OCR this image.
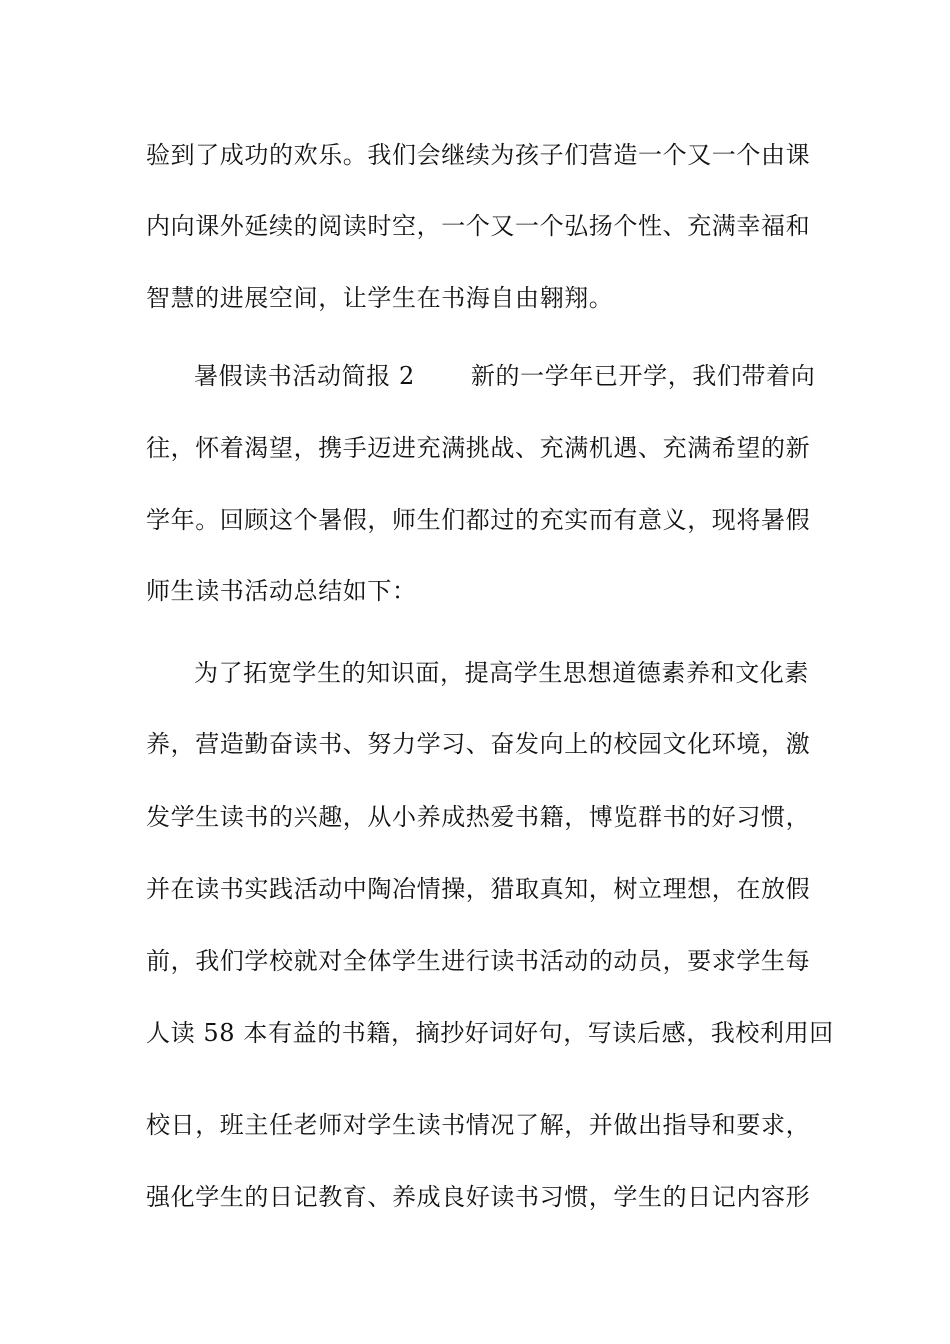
验到了成功的欢乐。我们会继续为孩子们营造一个又一个由课
内向课外延续的阅读时空，一个又一个弘扬个性、充满幸福和
智慧的进展空间，让学生在书海自由翱翔。
暑假读书活动简报 2 新的一学年已开学，我们带着向
往，怀着渴望，携手迈进充满挑战、充满机遇、充满希望的新
学年。回顾这个暑假，师生们都过的充实而有意义，现将暑假
师生读书活动总结如下：
为了拓宽学生的知识面，提高学生思想道德素养和文化素
养，营造勤奋读书、努力学习、奋发向上的校园文化环境，激
发学生读书的兴趣，从小养成热爱书籍，博览群书的好习惯，
并在读书实践活动中陶冶情操，猎取真知，树立理想，在放假
前，我们学校就对全体学生进行读书活动的动员，要求学生每
人读 58 本有益的书籍，摘抄好词好句，写读后感，我校利用回
校日，班主任老师对学生读书情况了解，并做出指导和要求，
强化学生的日记教育、养成良好读书习惯，学生的日记内容形
